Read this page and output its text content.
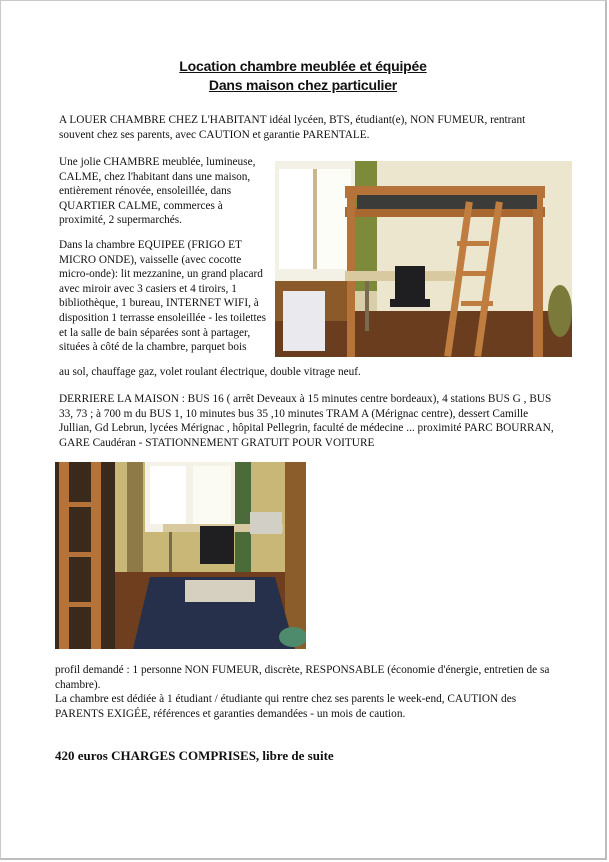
Location chambre meublée et équipée
Dans maison chez particulier

A LOUER CHAMBRE CHEZ L'HABITANT idéal lycéen, BTS, étudiant(e), NON FUMEUR, rentrant souvent chez ses parents, avec CAUTION et garantie PARENTALE.

Une jolie CHAMBRE meublée, lumineuse, CALME, chez l'habitant dans une maison, entièrement rénovée, ensoleillée, dans QUARTIER CALME, commerces à proximité, 2 supermarchés.

Dans la chambre EQUIPEE (FRIGO ET MICRO ONDE), vaisselle (avec cocotte micro-onde): lit mezzanine, un grand placard avec miroir avec 3 casiers et 4 tiroirs, 1 bibliothèque, 1 bureau, INTERNET WIFI, à disposition 1 terrasse ensoleillée - les toilettes et la salle de bain séparées sont à partager, situées à côté de la chambre, parquet bois

au sol, chauffage gaz, volet roulant électrique, double vitrage neuf.

DERRIERE LA MAISON : BUS 16 ( arrêt Deveaux à 15 minutes centre bordeaux), 4 stations BUS G , BUS 33, 73 ; à 700 m du BUS 1, 10 minutes bus 35 ,10 minutes TRAM A (Mérignac centre), dessert Camille Jullian, Gd Lebrun, lycées Mérignac , hôpital Pellegrin, faculté de médecine ... proximité PARC BOURRAN, GARE Caudéran - STATIONNEMENT GRATUIT POUR VOITURE

profil demandé : 1 personne NON FUMEUR, discrète, RESPONSABLE (économie d'énergie, entretien de sa chambre).

La chambre est dédiée à 1 étudiant / étudiante qui rentre chez ses parents le week-end, CAUTION des PARENTS EXIGÉE, références et garanties demandées - un mois de caution.

420 euros CHARGES COMPRISES, libre de suite
